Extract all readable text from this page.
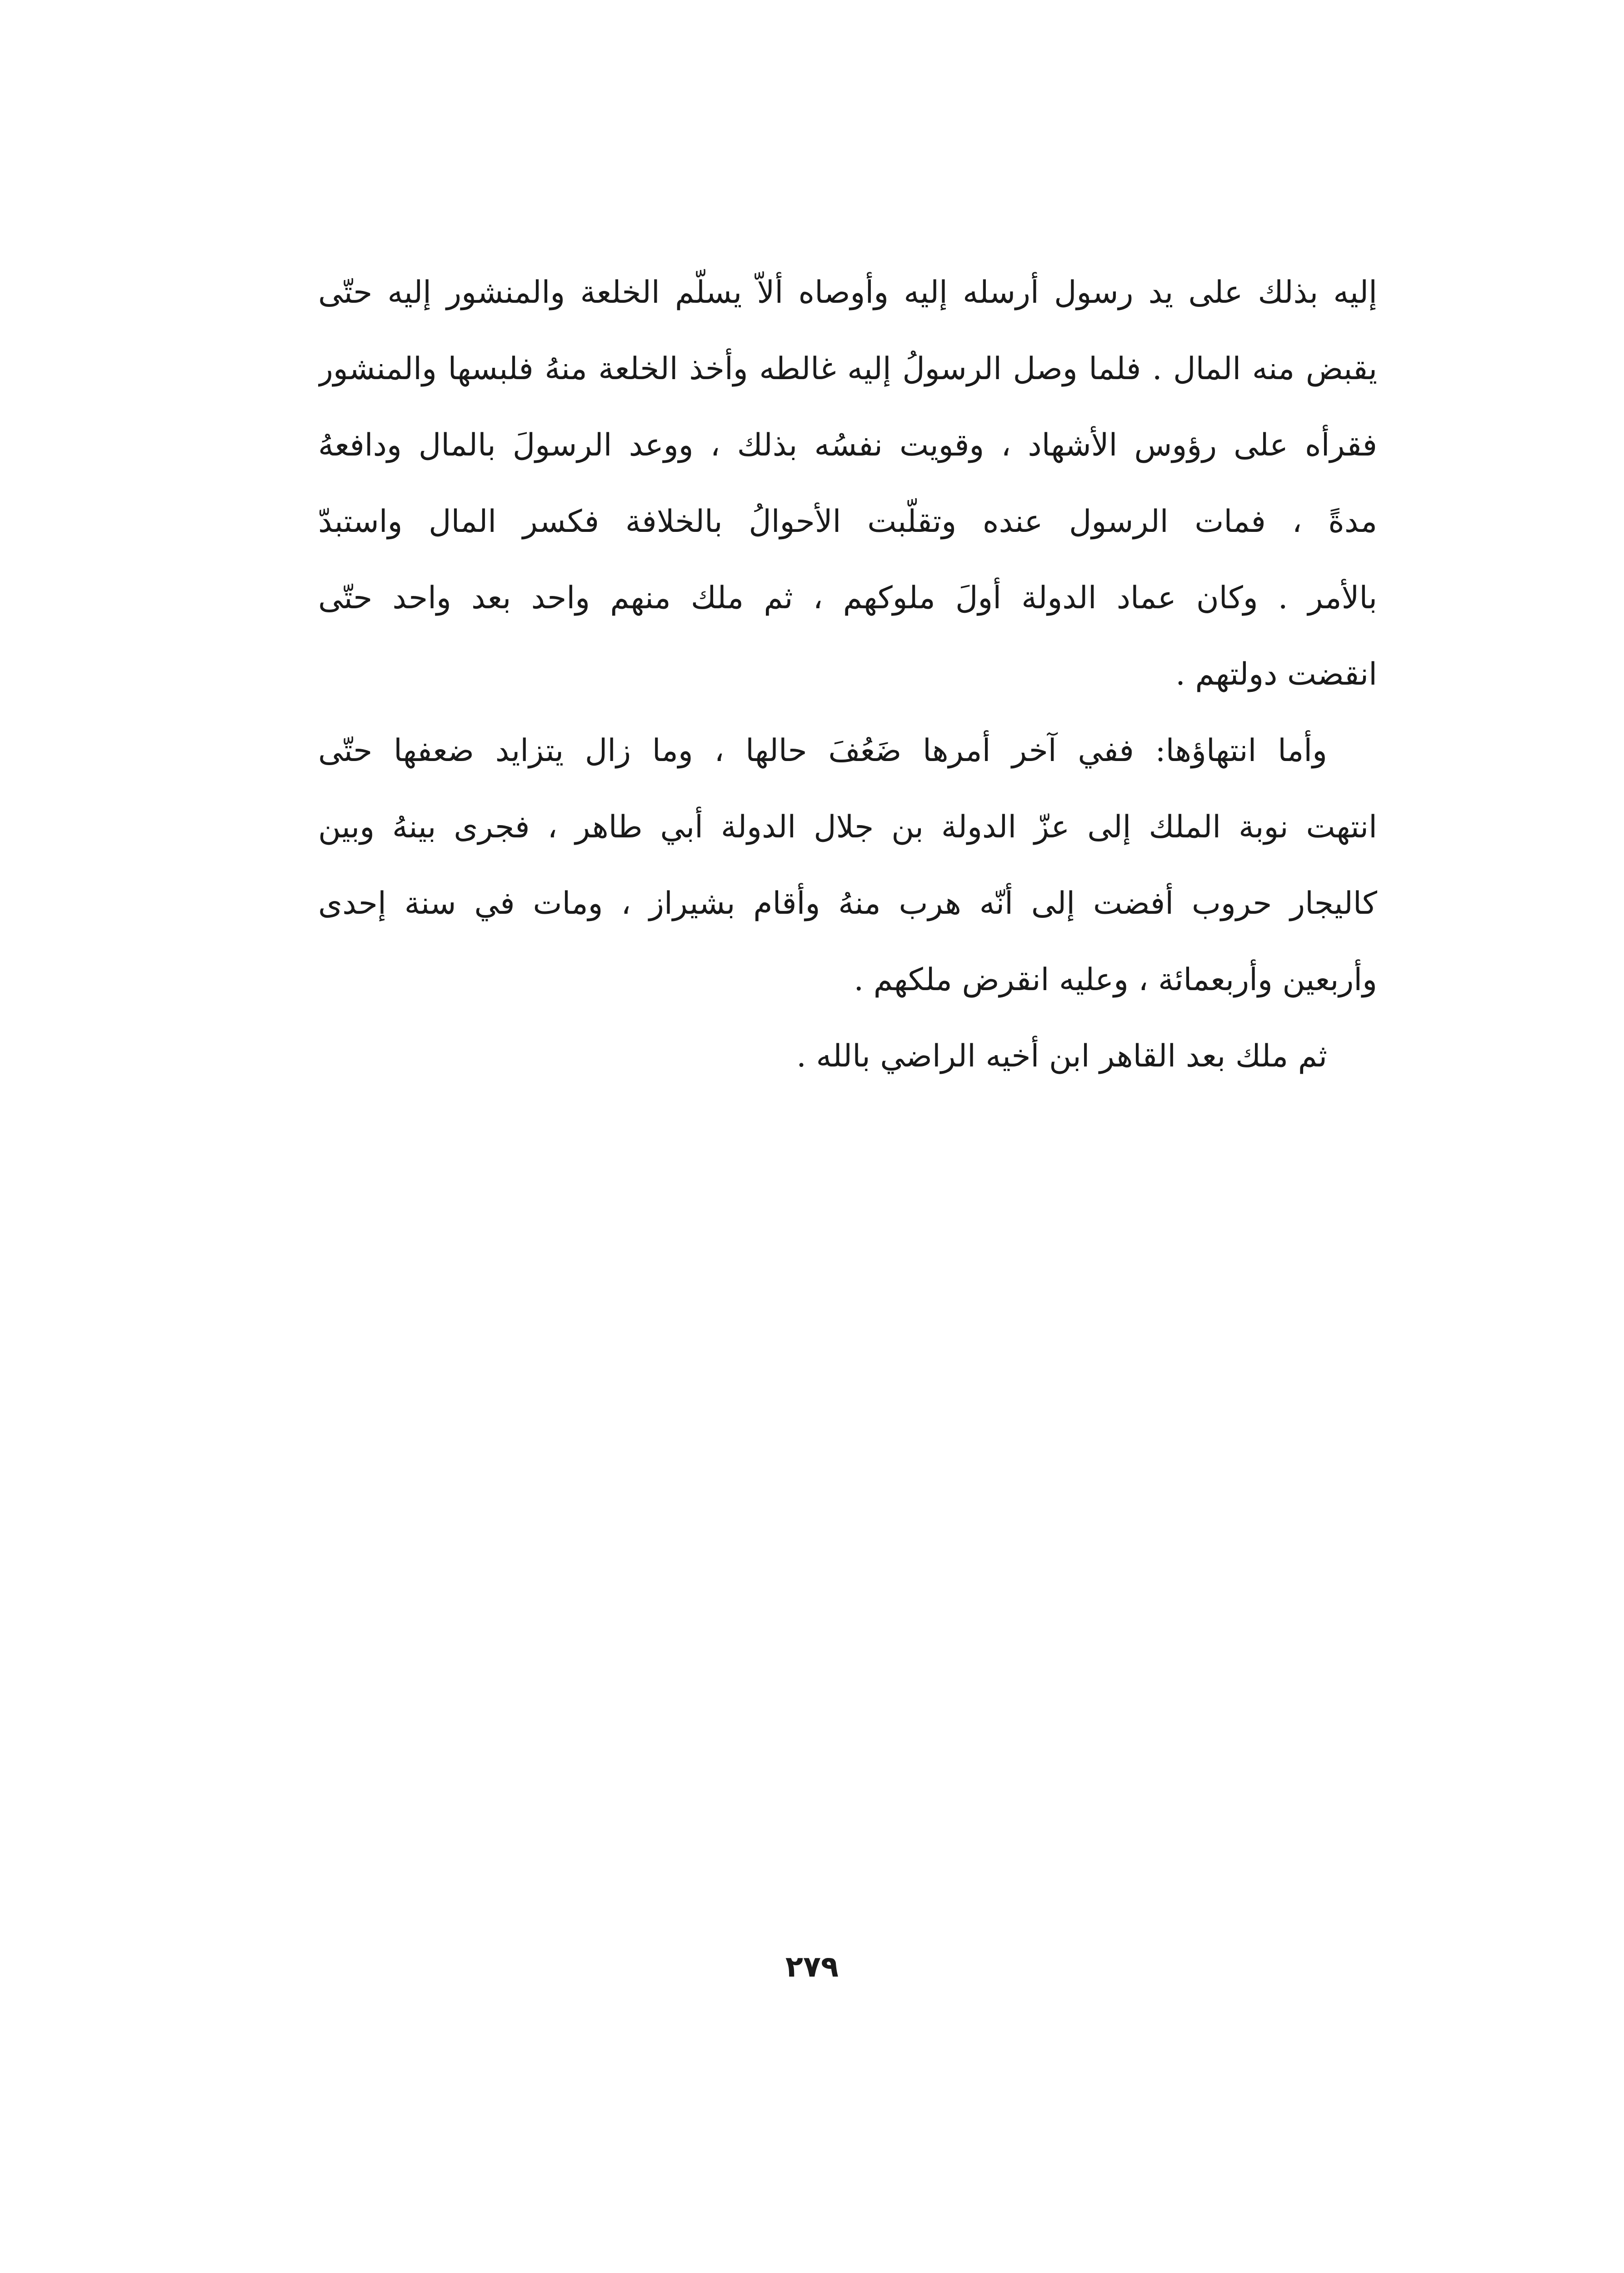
إليه بذلك على يد رسول أرسله إليه وأوصاه ألاّ يسلّم الخلعة والمنشور إليه حتّى
يقبض منه المال . فلما وصل الرسولُ إليه غالطه وأخذ الخلعة منهُ فلبسها والمنشور
فقرأه على رؤوس الأشهاد ، وقويت نفسُه بذلك ، ووعد الرسولَ بالمال ودافعهُ
مدةً ، فمات الرسول عنده وتقلّبت الأحوالُ بالخلافة فكسر المال واستبدّ
بالأمر . وكان عماد الدولة أولَ ملوكهم ، ثم ملك منهم واحد بعد واحد حتّى
انقضت دولتهم .

وأما انتهاؤها: ففي آخر أمرها ضَعُفَ حالها ، وما زال يتزايد ضعفها حتّى
انتهت نوبة الملك إلى عزّ الدولة بن جلال الدولة أبي طاهر ، فجرى بينهُ وبين
كاليجار حروب أفضت إلى أنّه هرب منهُ وأقام بشيراز ، ومات في سنة إحدى
وأربعين وأربعمائة ، وعليه انقرض ملكهم .

ثم ملك بعد القاهر ابن أخيه الراضي بالله .

٢٧٩
